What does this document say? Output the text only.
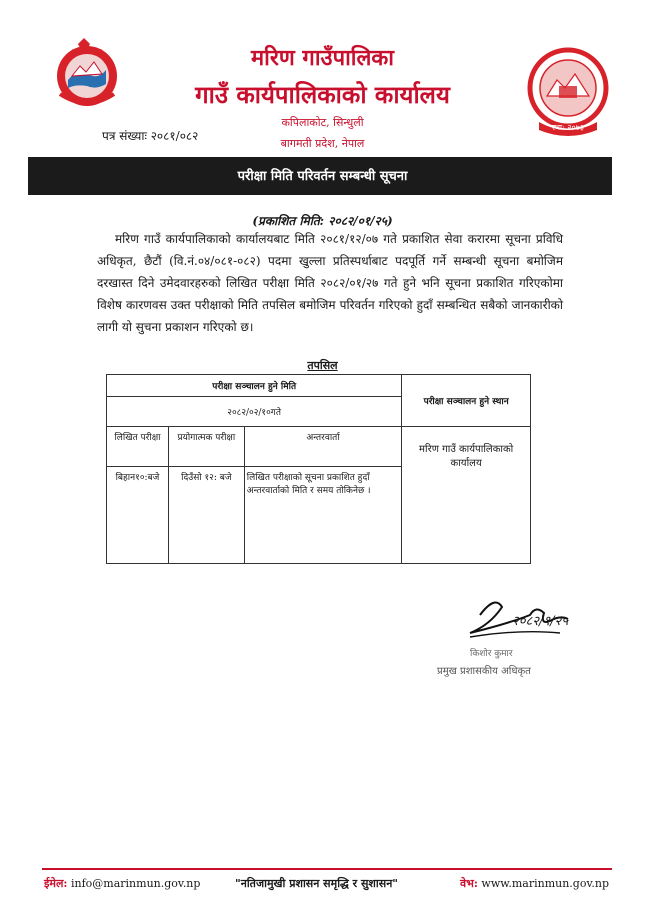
स्था: २०७३
मरिण गाउँपालिका
गाउँ कार्यपालिकाको कार्यालय
कपिलाकोट, सिन्धुली
बागमती प्रदेश, नेपाल
पत्र संख्याः २०८१/०८२
परीक्षा मिति परिवर्तन सम्बन्धी सूचना
(प्रकाशित मिति: २०८२/०१/२५)
मरिण गाउँ कार्यपालिकाको कार्यालयबाट मिति २०८१/१२/०७ गते प्रकाशित सेवा करारमा सूचना प्रविधि अधिकृत, छैटौं (वि.नं.०४/०८१-०८२) पदमा खुल्ला प्रतिस्पर्धाबाट पदपूर्ति गर्ने सम्बन्धी सूचना बमोजिम दरखास्त दिने उमेदवारहरुको लिखित परीक्षा मिति २०८२/०१/२७ गते हुने भनि सूचना प्रकाशित गरिएकोमा विशेष कारणवस उक्त परीक्षाको मिति तपसिल बमोजिम परिवर्तन गरिएको हुदाँ सम्बन्धित सबैको जानकारीको लागी यो सुचना प्रकाशन गरिएको छ।
तपसिल
परीक्षा सञ्चालन हुने मिति			परीक्षा सञ्चालन हुने स्थान
२०८२/०२/१०गते			
लिखित परीक्षा	प्रयोगात्मक परीक्षा	अन्तरवार्ता	मरिण गाउँ कार्यपालिकाको कार्यालय
बिहान१०:बजे	दिउँसो १२: बजे	लिखित परीक्षाको सूचना प्रकाशित हुदाँ अन्तरवार्ताको मिति र समय तोकिनेछ ।	
२०८२/१/२५
किशोर कुमार
प्रमुख प्रशासकीय अधिकृत
ईमेल: info@marinmun.gov.np	"नतिजामुखी प्रशासन समृद्धि र सुशासन"	वेभ: www.marinmun.gov.np
